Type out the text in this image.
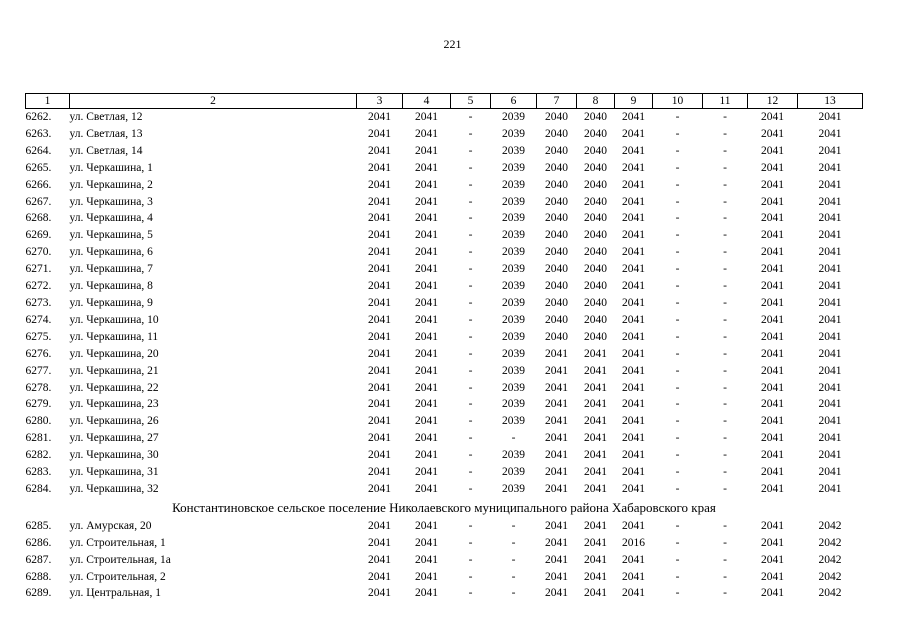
221
1	2	3	4	5	6	7	8	9	10	11	12	13
6262.	ул. Светлая, 12	2041	2041	-	2039	2040	2040	2041	-	-	2041	2041
6263.	ул. Светлая, 13	2041	2041	-	2039	2040	2040	2041	-	-	2041	2041
6264.	ул. Светлая, 14	2041	2041	-	2039	2040	2040	2041	-	-	2041	2041
6265.	ул. Черкашина, 1	2041	2041	-	2039	2040	2040	2041	-	-	2041	2041
6266.	ул. Черкашина, 2	2041	2041	-	2039	2040	2040	2041	-	-	2041	2041
6267.	ул. Черкашина, 3	2041	2041	-	2039	2040	2040	2041	-	-	2041	2041
6268.	ул. Черкашина, 4	2041	2041	-	2039	2040	2040	2041	-	-	2041	2041
6269.	ул. Черкашина, 5	2041	2041	-	2039	2040	2040	2041	-	-	2041	2041
6270.	ул. Черкашина, 6	2041	2041	-	2039	2040	2040	2041	-	-	2041	2041
6271.	ул. Черкашина, 7	2041	2041	-	2039	2040	2040	2041	-	-	2041	2041
6272.	ул. Черкашина, 8	2041	2041	-	2039	2040	2040	2041	-	-	2041	2041
6273.	ул. Черкашина, 9	2041	2041	-	2039	2040	2040	2041	-	-	2041	2041
6274.	ул. Черкашина, 10	2041	2041	-	2039	2040	2040	2041	-	-	2041	2041
6275.	ул. Черкашина, 11	2041	2041	-	2039	2040	2040	2041	-	-	2041	2041
6276.	ул. Черкашина, 20	2041	2041	-	2039	2041	2041	2041	-	-	2041	2041
6277.	ул. Черкашина, 21	2041	2041	-	2039	2041	2041	2041	-	-	2041	2041
6278.	ул. Черкашина, 22	2041	2041	-	2039	2041	2041	2041	-	-	2041	2041
6279.	ул. Черкашина, 23	2041	2041	-	2039	2041	2041	2041	-	-	2041	2041
6280.	ул. Черкашина, 26	2041	2041	-	2039	2041	2041	2041	-	-	2041	2041
6281.	ул. Черкашина, 27	2041	2041	-	-	2041	2041	2041	-	-	2041	2041
6282.	ул. Черкашина, 30	2041	2041	-	2039	2041	2041	2041	-	-	2041	2041
6283.	ул. Черкашина, 31	2041	2041	-	2039	2041	2041	2041	-	-	2041	2041
6284.	ул. Черкашина, 32	2041	2041	-	2039	2041	2041	2041	-	-	2041	2041
Константиновское сельское поселение Николаевского муниципального района Хабаровского края												
6285.	ул. Амурская, 20	2041	2041	-	-	2041	2041	2041	-	-	2041	2042
6286.	ул. Строительная, 1	2041	2041	-	-	2041	2041	2016	-	-	2041	2042
6287.	ул. Строительная, 1а	2041	2041	-	-	2041	2041	2041	-	-	2041	2042
6288.	ул. Строительная, 2	2041	2041	-	-	2041	2041	2041	-	-	2041	2042
6289.	ул. Центральная, 1	2041	2041	-	-	2041	2041	2041	-	-	2041	2042
